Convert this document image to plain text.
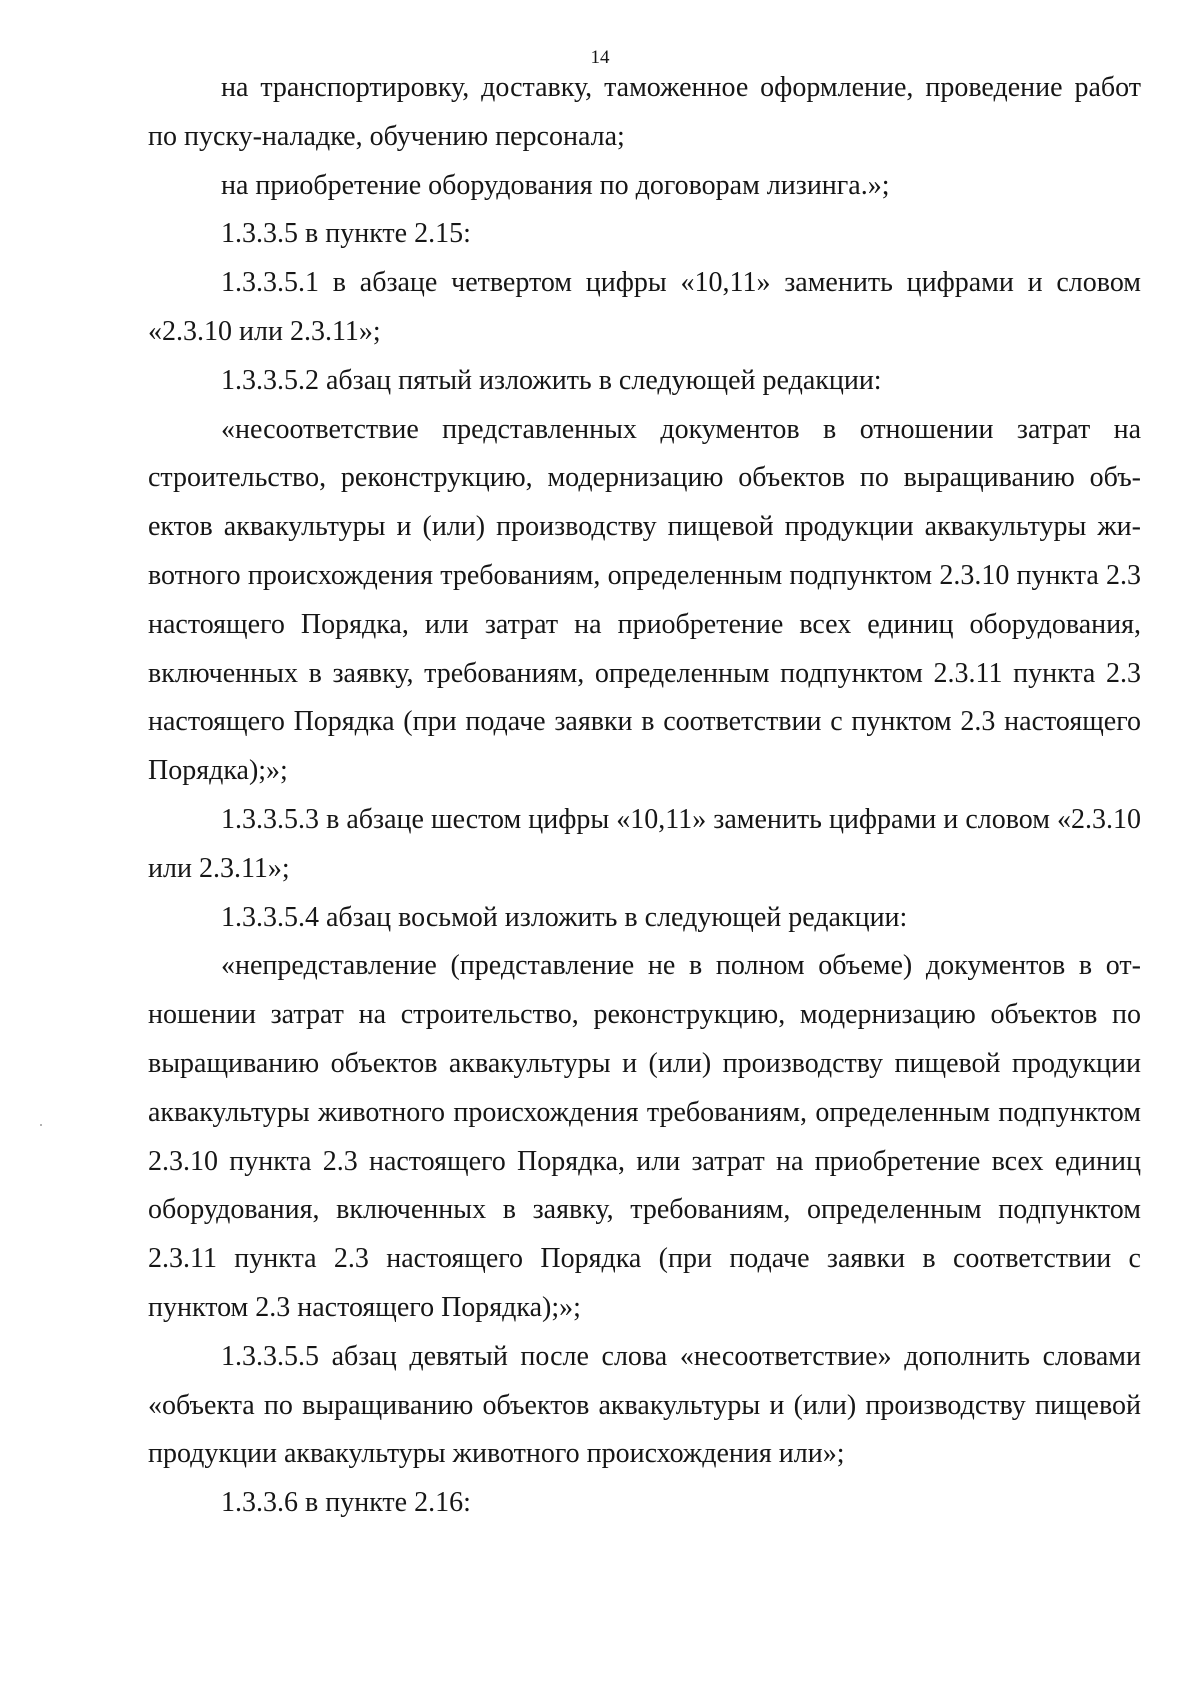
14

на транспортировку, доставку, таможенное оформление, проведение работ по пуску-наладке, обучению персонала;

на приобретение оборудования по договорам лизинга.»;

1.3.3.5 в пункте 2.15:

1.3.3.5.1 в абзаце четвертом цифры «10,11» заменить цифрами и словом «2.3.10 или 2.3.11»;

1.3.3.5.2 абзац пятый изложить в следующей редакции:

«несоответствие представленных документов в отношении затрат на строительство, реконструкцию, модернизацию объектов по выращиванию объектов аквакультуры и (или) производству пищевой продукции аквакультуры животного происхождения требованиям, определенным подпунктом 2.3.10 пункта 2.3 настоящего Порядка, или затрат на приобретение всех единиц оборудования, включенных в заявку, требованиям, определенным подпунктом 2.3.11 пункта 2.3 настоящего Порядка (при подаче заявки в соответствии с пунктом 2.3 настоящего Порядка);»;

1.3.3.5.3 в абзаце шестом цифры «10,11» заменить цифрами и словом «2.3.10 или 2.3.11»;

1.3.3.5.4 абзац восьмой изложить в следующей редакции:

«непредставление (представление не в полном объеме) документов в отношении затрат на строительство, реконструкцию, модернизацию объектов по выращиванию объектов аквакультуры и (или) производству пищевой продукции аквакультуры животного происхождения требованиям, определенным подпунктом 2.3.10 пункта 2.3 настоящего Порядка, или затрат на приобретение всех единиц оборудования, включенных в заявку, требованиям, определенным подпунктом 2.3.11 пункта 2.3 настоящего Порядка (при подаче заявки в соответствии с пунктом 2.3 настоящего Порядка);»;

1.3.3.5.5 абзац девятый после слова «несоответствие» дополнить словами «объекта по выращиванию объектов аквакультуры и (или) производству пищевой продукции аквакультуры животного происхождения или»;

1.3.3.6 в пункте 2.16:
